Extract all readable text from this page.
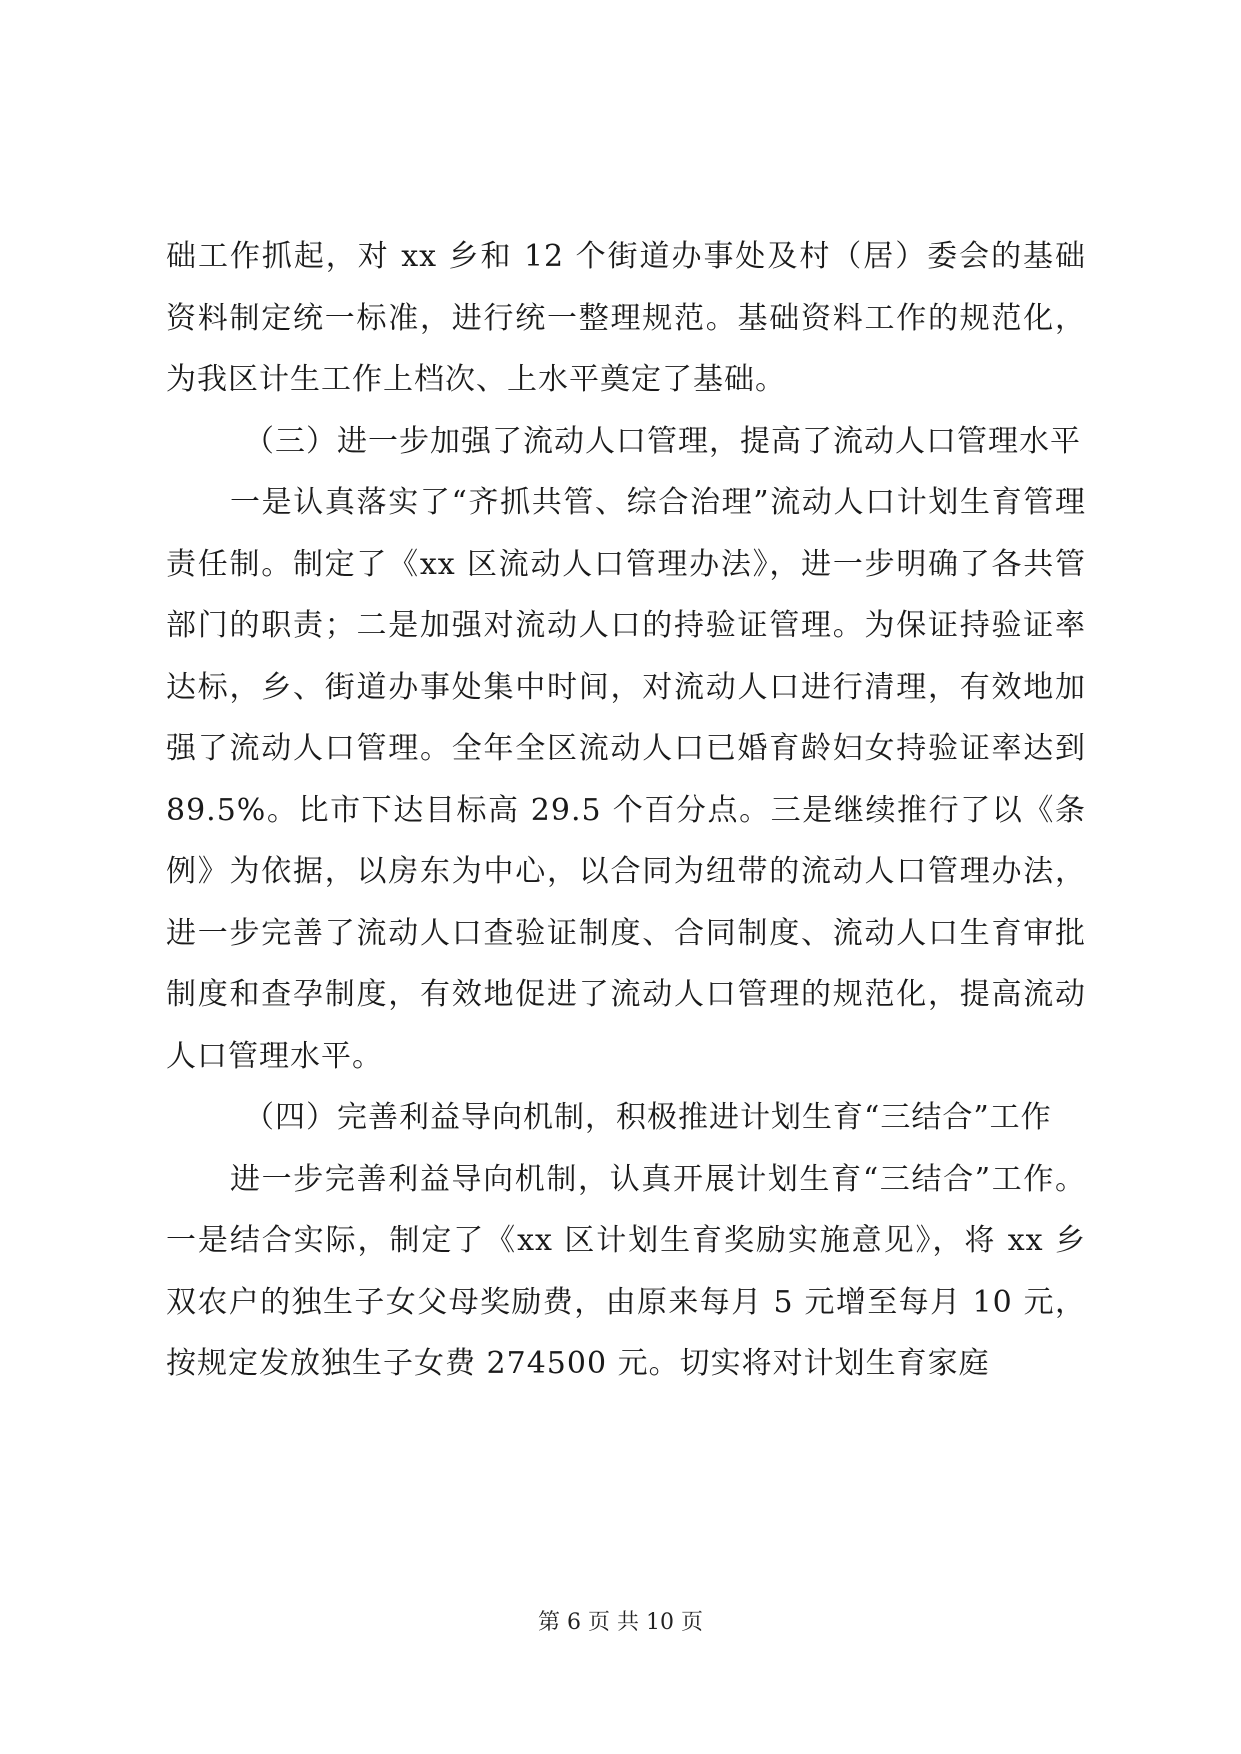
础工作抓起，对 xx 乡和 12 个街道办事处及村（居）委会的基础资料制定统一标准，进行统一整理规范。基础资料工作的规范化，为我区计生工作上档次、上水平奠定了基础。

（三）进一步加强了流动人口管理，提高了流动人口管理水平

一是认真落实了“齐抓共管、综合治理”流动人口计划生育管理责任制。制定了《xx 区流动人口管理办法》，进一步明确了各共管部门的职责；二是加强对流动人口的持验证管理。为保证持验证率达标，乡、街道办事处集中时间，对流动人口进行清理，有效地加强了流动人口管理。全年全区流动人口已婚育龄妇女持验证率达到 89.5%。比市下达目标高 29.5 个百分点。三是继续推行了以《条例》为依据，以房东为中心，以合同为纽带的流动人口管理办法，进一步完善了流动人口查验证制度、合同制度、流动人口生育审批制度和查孕制度，有效地促进了流动人口管理的规范化，提高流动人口管理水平。

（四）完善利益导向机制，积极推进计划生育“三结合”工作

进一步完善利益导向机制，认真开展计划生育“三结合”工作。一是结合实际，制定了《xx 区计划生育奖励实施意见》，将 xx 乡双农户的独生子女父母奖励费，由原来每月 5 元增至每月 10 元，按规定发放独生子女费 274500 元。切实将对计划生育家庭

第 6 页 共 10 页
